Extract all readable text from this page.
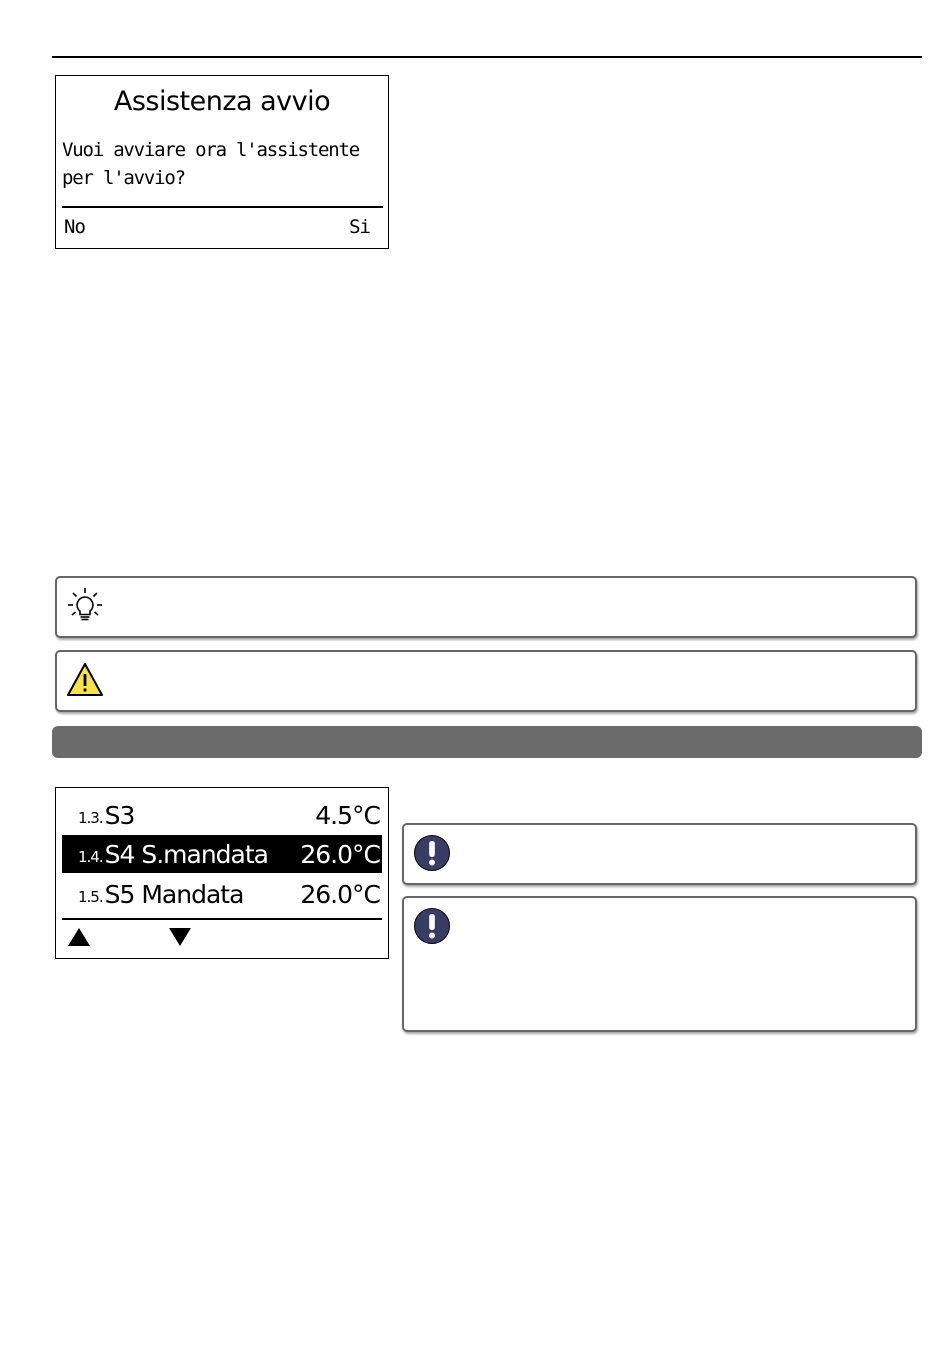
Assistenza avvio
Vuoi avviare ora l'assistente per l'avvio?
No	Si
1.3. S3	4.5°C
1.4. S4 S.mandata	26.0°C
1.5. S5 Mandata	26.0°C
